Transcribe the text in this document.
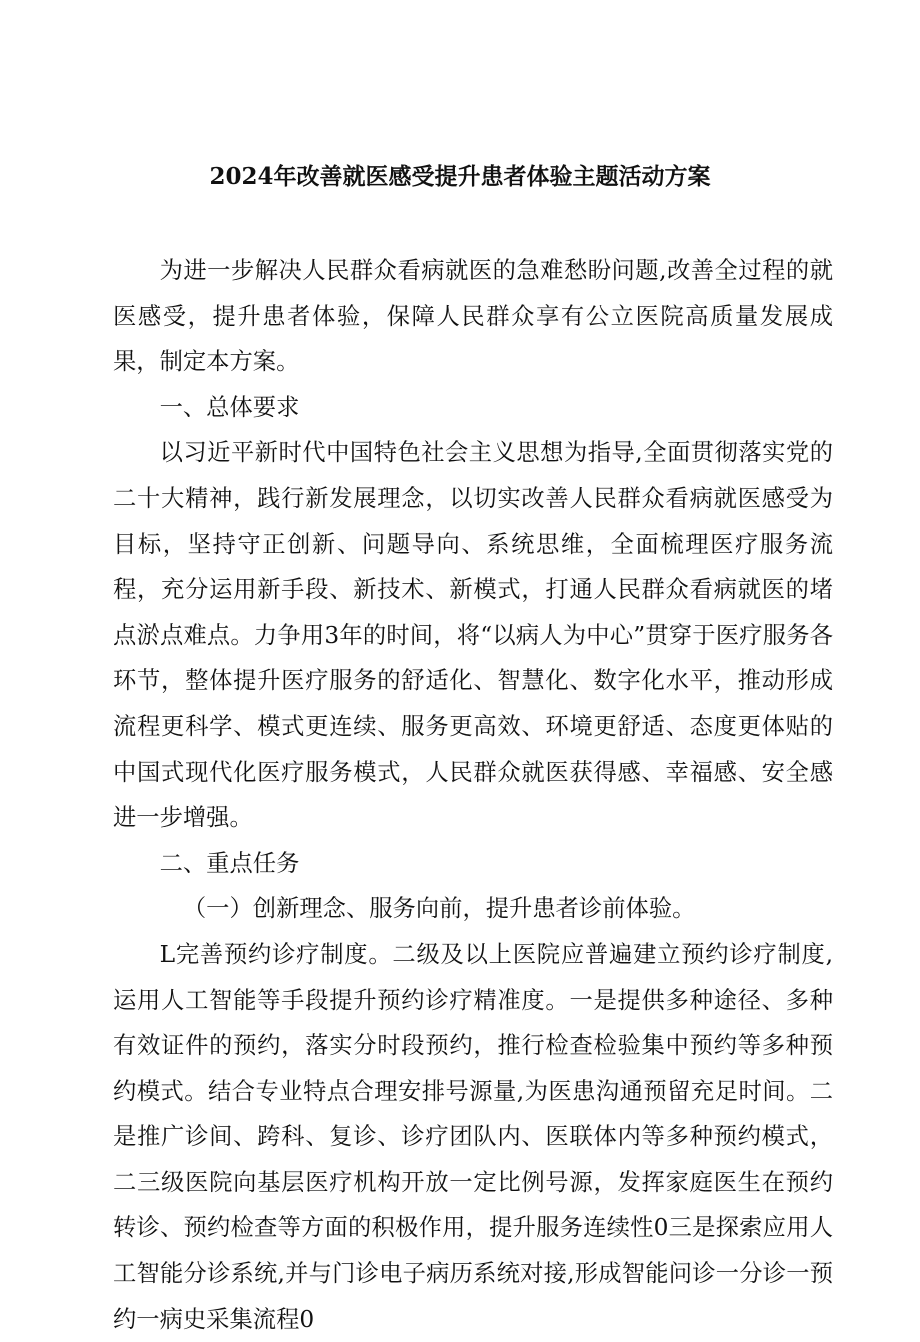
2024年改善就医感受提升患者体验主题活动方案

为进一步解决人民群众看病就医的急难愁盼问题,改善全过程的就医感受，提升患者体验，保障人民群众享有公立医院高质量发展成果，制定本方案。

一、总体要求

以习近平新时代中国特色社会主义思想为指导,全面贯彻落实党的二十大精神，践行新发展理念，以切实改善人民群众看病就医感受为目标，坚持守正创新、问题导向、系统思维，全面梳理医疗服务流程，充分运用新手段、新技术、新模式，打通人民群众看病就医的堵点淤点难点。力争用3年的时间，将“以病人为中心”贯穿于医疗服务各环节，整体提升医疗服务的舒适化、智慧化、数字化水平，推动形成流程更科学、模式更连续、服务更高效、环境更舒适、态度更体贴的中国式现代化医疗服务模式，人民群众就医获得感、幸福感、安全感进一步增强。

二、重点任务

（一）创新理念、服务向前，提升患者诊前体验。

L完善预约诊疗制度。二级及以上医院应普遍建立预约诊疗制度,运用人工智能等手段提升预约诊疗精准度。一是提供多种途径、多种有效证件的预约，落实分时段预约，推行检查检验集中预约等多种预约模式。结合专业特点合理安排号源量,为医患沟通预留充足时间。二是推广诊间、跨科、复诊、诊疗团队内、医联体内等多种预约模式，二三级医院向基层医疗机构开放一定比例号源，发挥家庭医生在预约转诊、预约检查等方面的积极作用，提升服务连续性0三是探索应用人工智能分诊系统,并与门诊电子病历系统对接,形成智能问诊一分诊一预约一病史采集流程0
